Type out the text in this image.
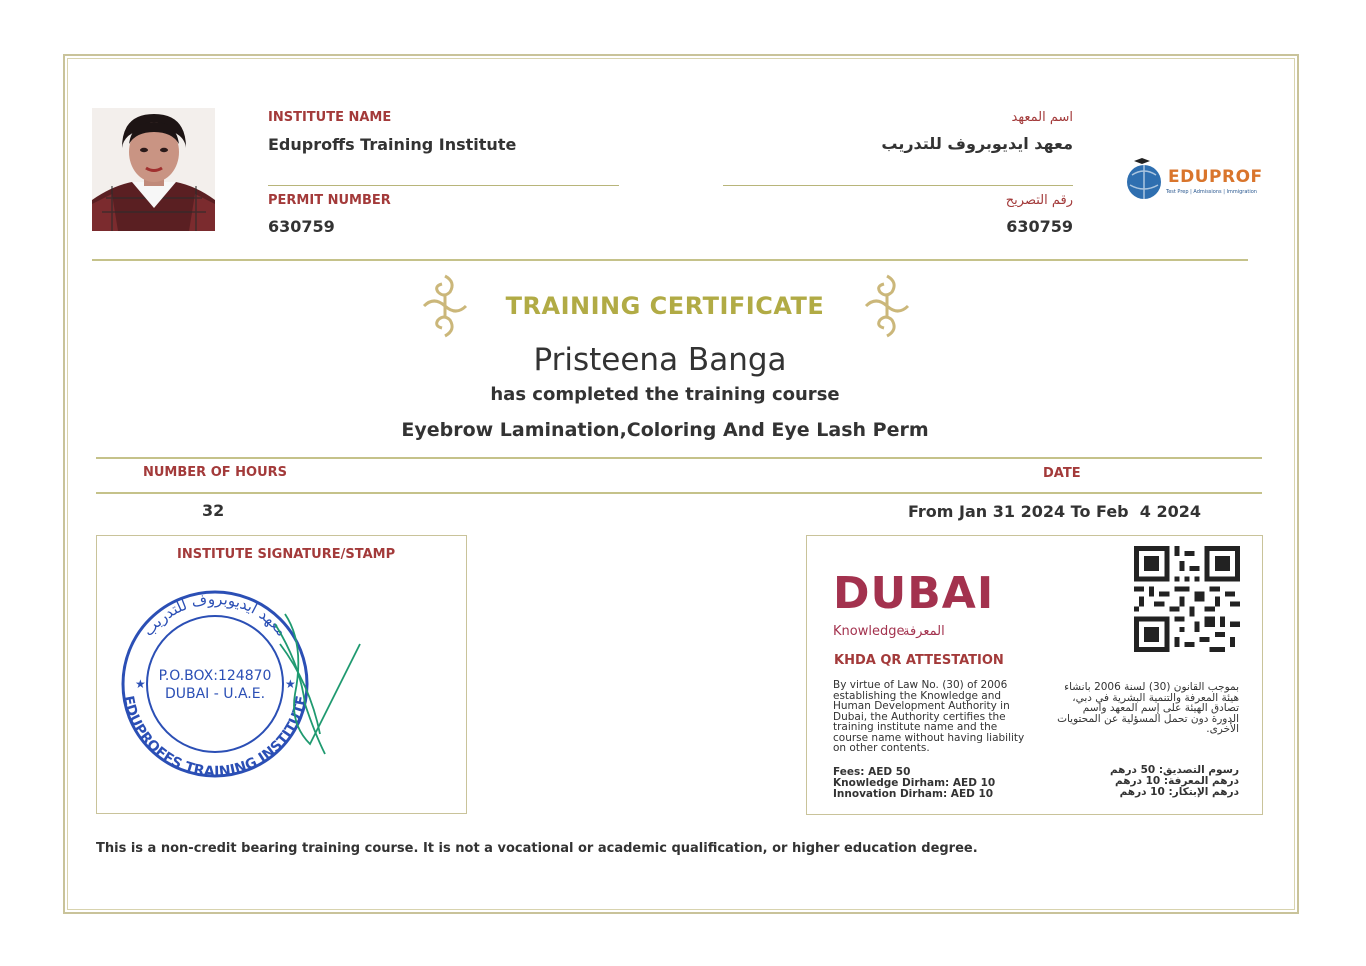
INSTITUTE NAME
Eduproffs Training Institute
اسم المعهد
معهد ايديوبروف للتدريب
PERMIT NUMBER
630759
رقم التصريح
630759
EDUPROF
Test Prep | Admissions | Immigration
TRAINING CERTIFICATE
Pristeena Banga
has completed the training course
Eyebrow Lamination,Coloring And Eye Lash Perm
NUMBER OF HOURS	DATE
32	From Jan 31 2024 To Feb  4 2024
INSTITUTE SIGNATURE/STAMP
معهد ايديوبروف للتدريب
EDUPROFFS TRAINING INSTITUTE
★	★
P.O.BOX:124870
DUBAI - U.A.E.
DUBAI
Knowledge
المعرفة
KHDA QR ATTESTATION
By virtue of Law No. (30) of 2006 establishing the Knowledge and Human Development Authority in Dubai, the Authority certifies the training institute name and the course name without having liability on other contents.
Fees: AED 50
Knowledge Dirham: AED 10
Innovation Dirham: AED 10
بموجب القانون (30) لسنة 2006 بانشاء هيئة المعرفة والتنمية البشرية في دبي، تصادق الهيئة على إسم المعهد واسم الدورة دون تحمل المسؤلية عن المحتويات الأخرى.
رسوم التصديق: 50 درهم
درهم المعرفة: 10 درهم
درهم الإبتكار: 10 درهم
This is a non-credit bearing training course. It is not a vocational or academic qualification, or higher education degree.
